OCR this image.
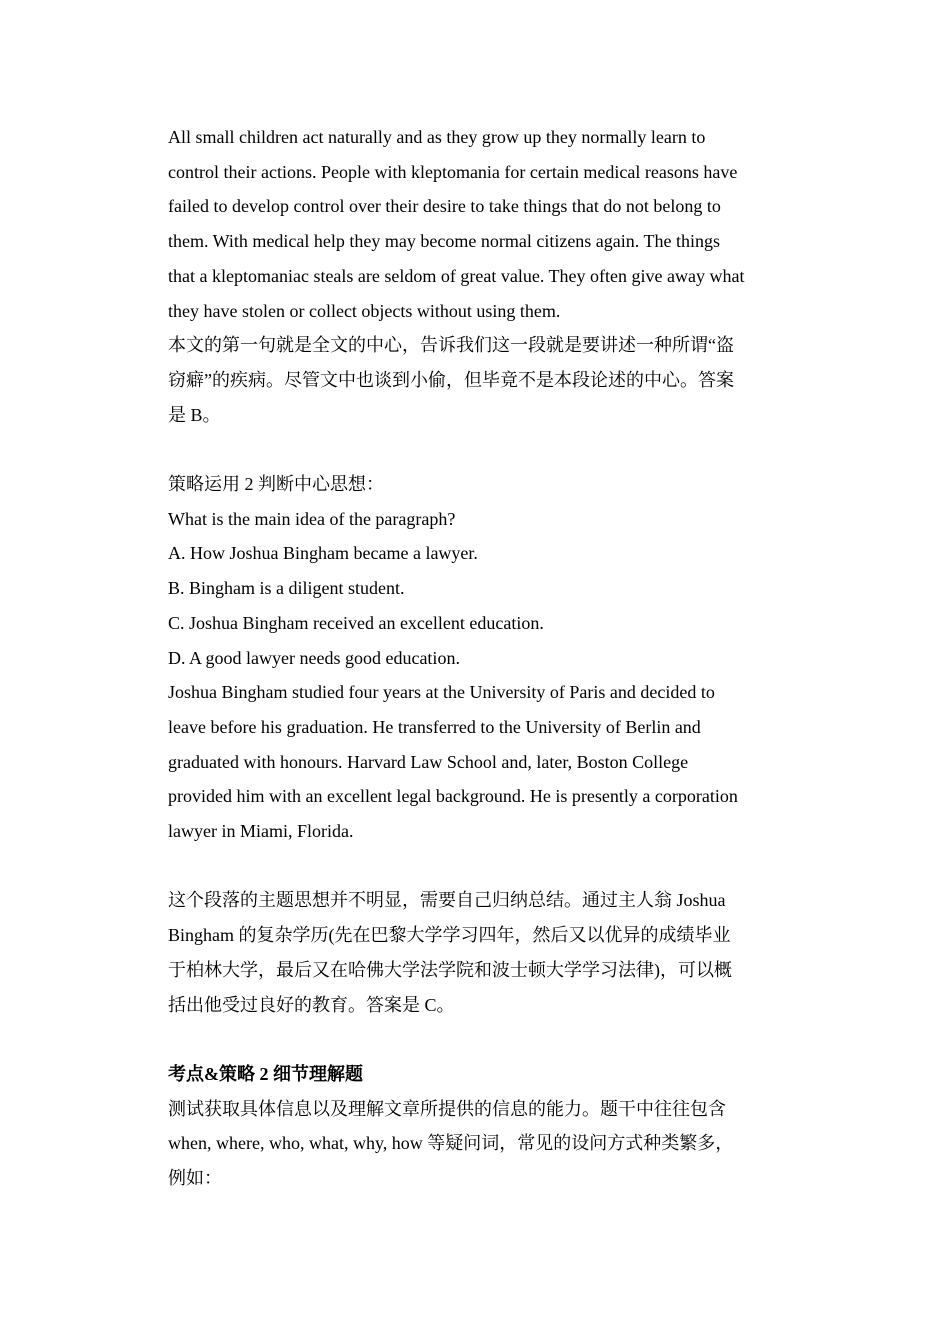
All small children act naturally and as they grow up they normally learn to
control their actions. People with kleptomania for certain medical reasons have
failed to develop control over their desire to take things that do not belong to
them. With medical help they may become normal citizens again. The things
that a kleptomaniac steals are seldom of great value. They often give away what
they have stolen or collect objects without using them.
本文的第一句就是全文的中心，告诉我们这一段就是要讲述一种所谓“盗
窃癖”的疾病。尽管文中也谈到小偷，但毕竟不是本段论述的中心。答案
是 B。
策略运用 2 判断中心思想：
What is the main idea of the paragraph?
A. How Joshua Bingham became a lawyer.
B. Bingham is a diligent student.
C. Joshua Bingham received an excellent education.
D. A good lawyer needs good education.
Joshua Bingham studied four years at the University of Paris and decided to
leave before his graduation. He transferred to the University of Berlin and
graduated with honours. Harvard Law School and, later, Boston College
provided him with an excellent legal background. He is presently a corporation
lawyer in Miami, Florida.
这个段落的主题思想并不明显，需要自己归纳总结。通过主人翁 Joshua
Bingham 的复杂学历(先在巴黎大学学习四年，然后又以优异的成绩毕业
于柏林大学，最后又在哈佛大学法学院和波士顿大学学习法律)，可以概
括出他受过良好的教育。答案是 C。
考点&策略 2 细节理解题
测试获取具体信息以及理解文章所提供的信息的能力。题干中往往包含
when, where, who, what, why, how 等疑问词，常见的设问方式种类繁多，
例如：
